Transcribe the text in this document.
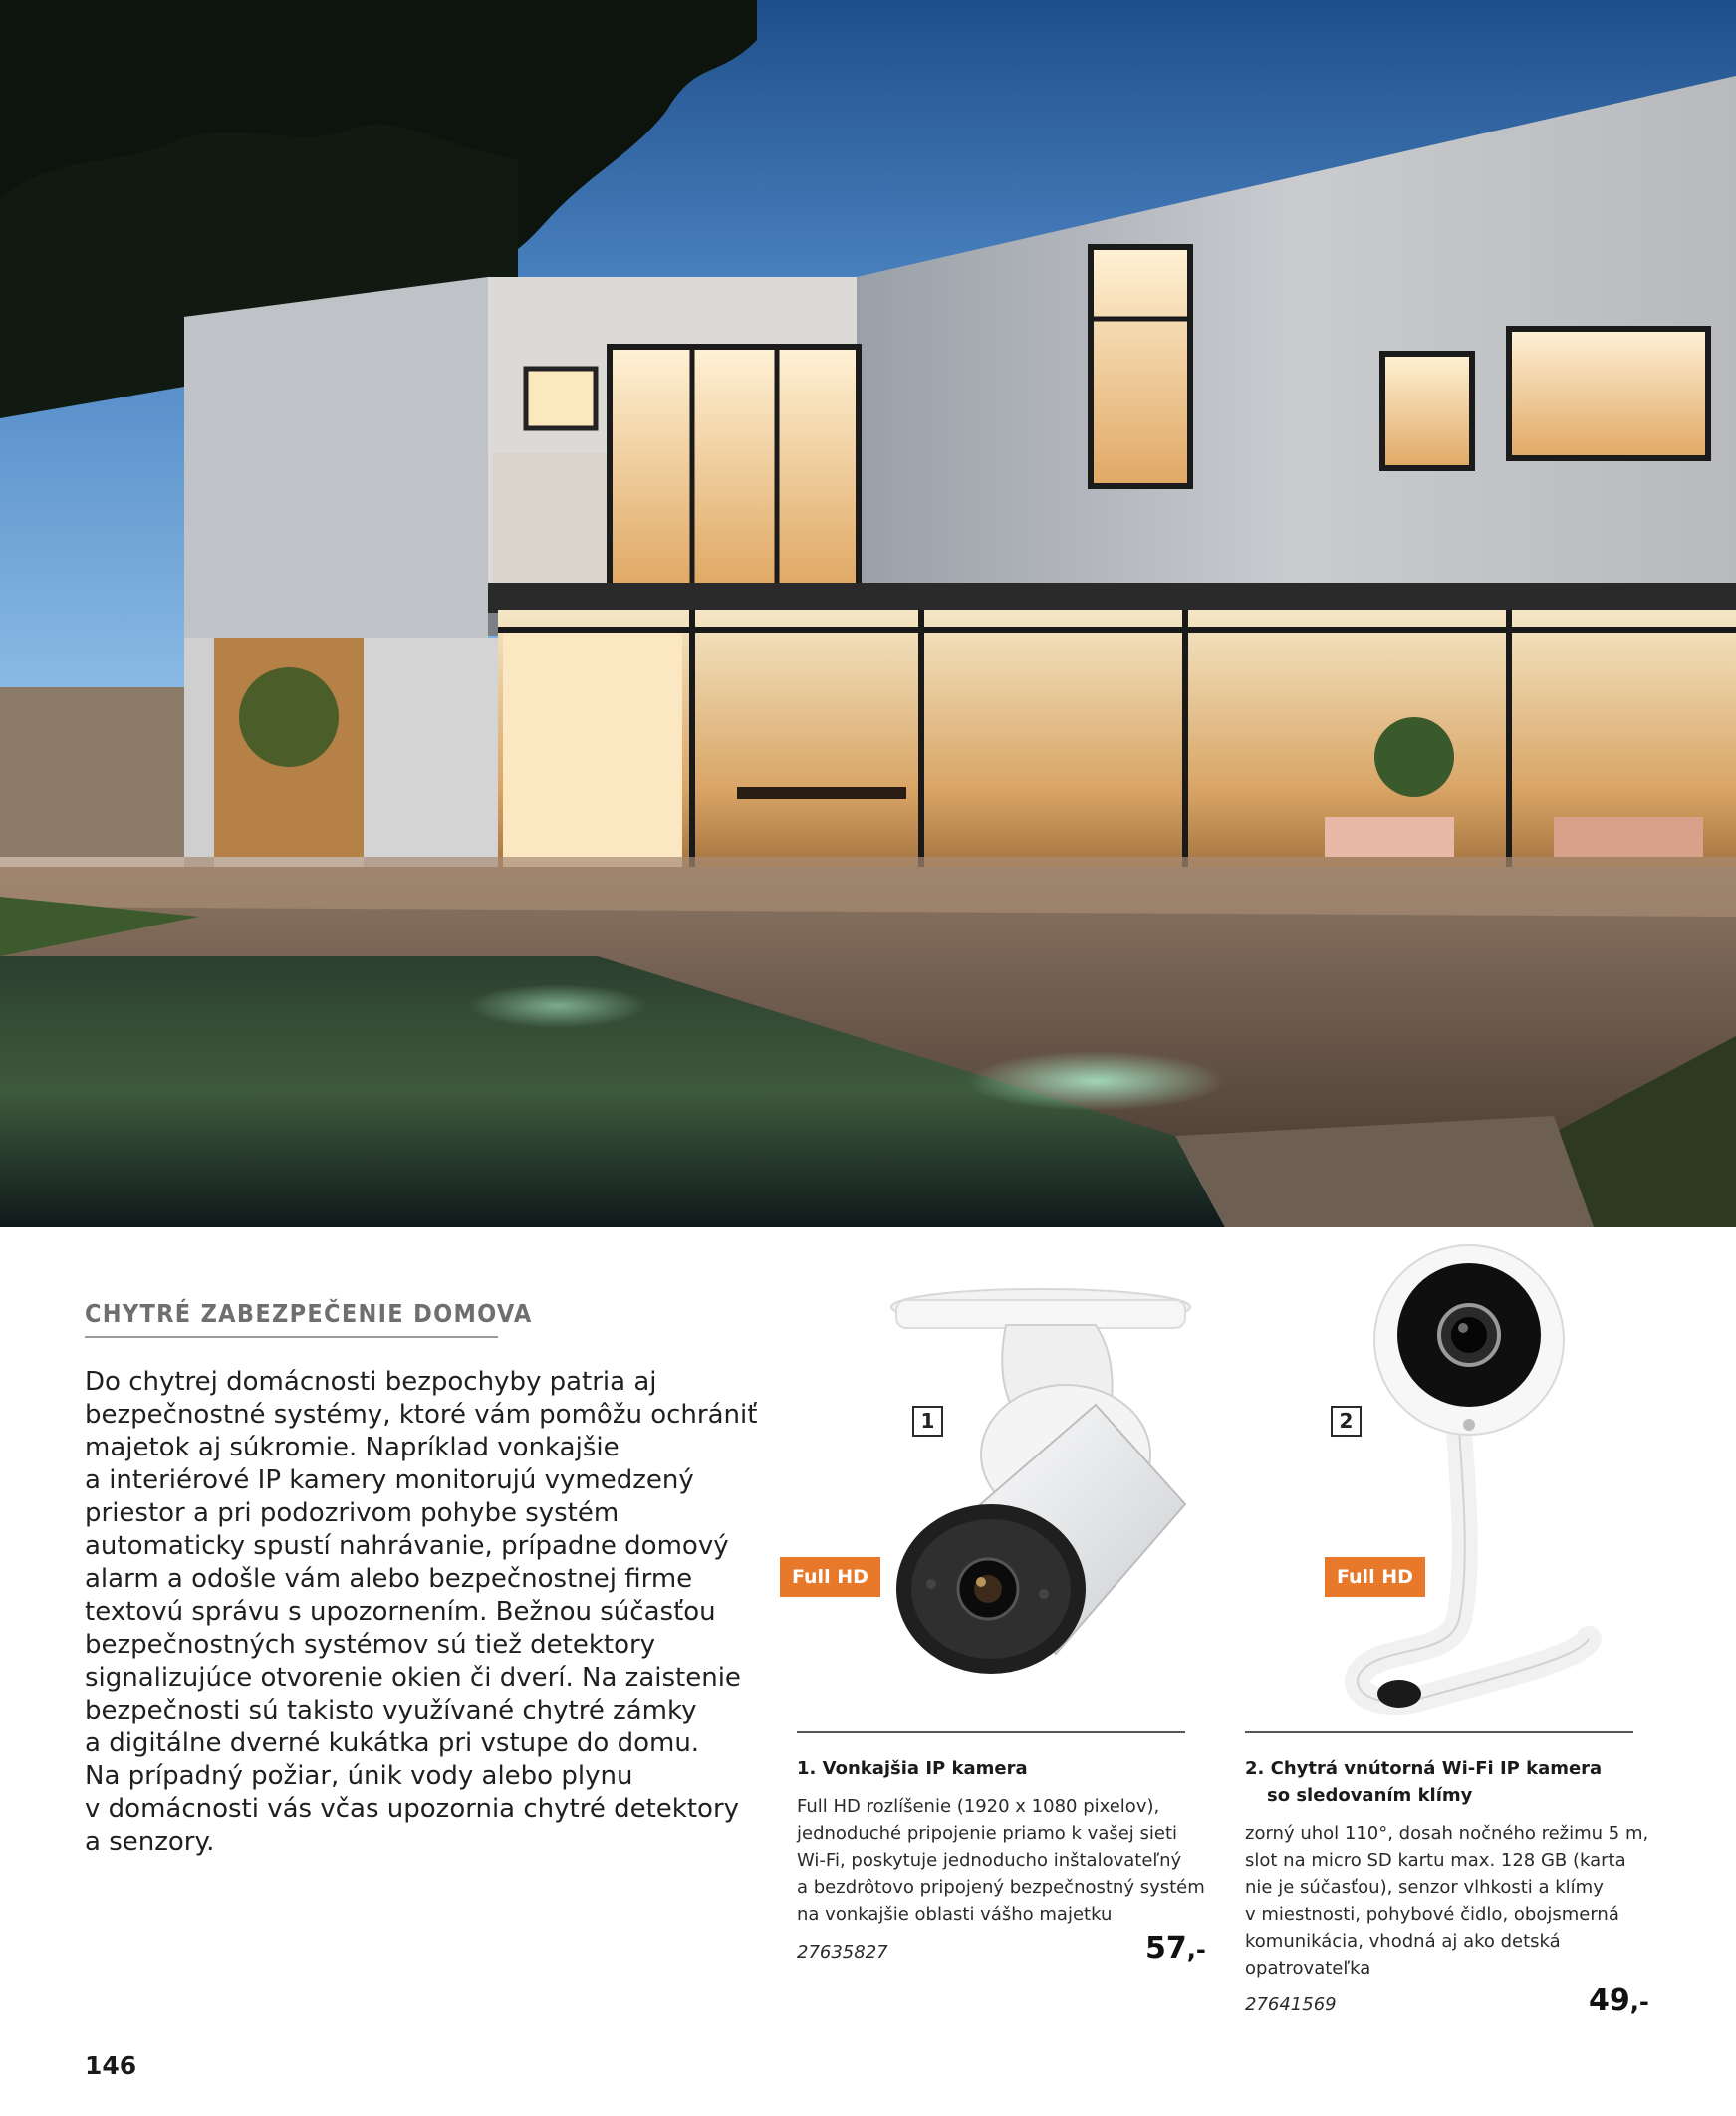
CHYTRÉ ZABEZPEČENIE DOMOVA
Do chytrej domácnosti bezpochyby patria aj
bezpečnostné systémy, ktoré vám pomôžu ochrániť
majetok aj súkromie. Napríklad vonkajšie
a interiérové IP kamery monitorujú vymedzený
priestor a pri podozrivom pohybe systém
automaticky spustí nahrávanie, prípadne domový
alarm a odošle vám alebo bezpečnostnej firme
textovú správu s upozornením. Bežnou súčasťou
bezpečnostných systémov sú tiež detektory
signalizujúce otvorenie okien či dverí. Na zaistenie
bezpečnosti sú takisto využívané chytré zámky
a digitálne dverné kukátka pri vstupe do domu.
Na prípadný požiar, únik vody alebo plynu
v domácnosti vás včas upozornia chytré detektory
a senzory.
146
1
Full HD
1. Vonkajšia IP kamera
Full HD rozlíšenie (1920 x 1080 pixelov),
jednoduché pripojenie priamo k vašej sieti
Wi-Fi, poskytuje jednoducho inštalovateľný
a bezdrôtovo pripojený bezpečnostný systém
na vonkajšie oblasti vášho majetku
27635827	57,-
2
Full HD
2. Chytrá vnútorná Wi-Fi IP kamera
so sledovaním klímy
zorný uhol 110°, dosah nočného režimu 5 m,
slot na micro SD kartu max. 128 GB (karta
nie je súčasťou), senzor vlhkosti a klímy
v miestnosti, pohybové čidlo, obojsmerná
komunikácia, vhodná aj ako detská
opatrovateľka
27641569	49,-
